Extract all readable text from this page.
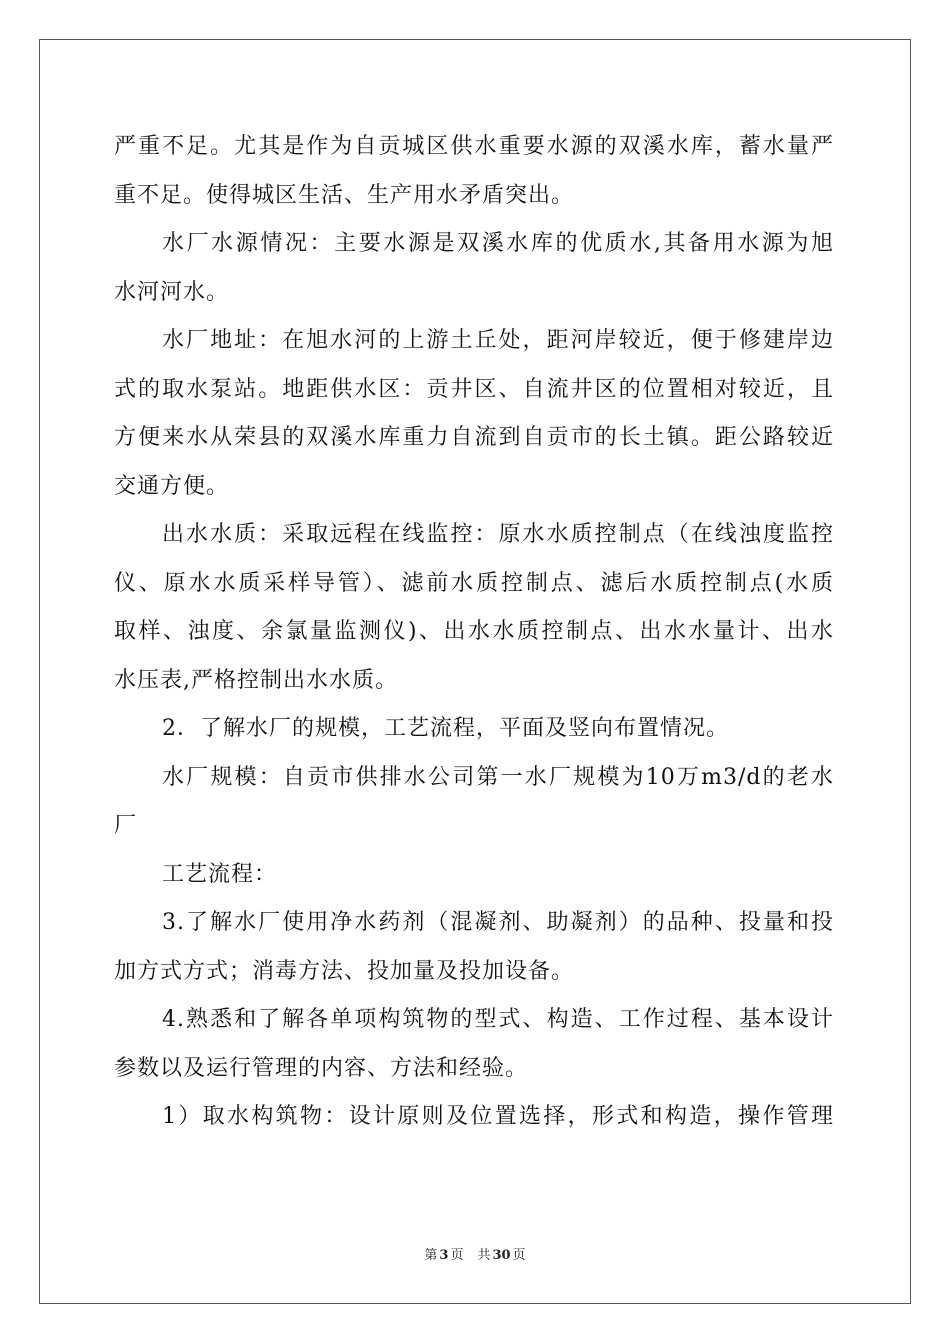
严重不足。尤其是作为自贡城区供水重要水源的双溪水库，蓄水量严
重不足。使得城区生活、生产用水矛盾突出。
水厂水源情况：主要水源是双溪水库的优质水,其备用水源为旭
水河河水。
水厂地址：在旭水河的上游土丘处，距河岸较近，便于修建岸边
式的取水泵站。地距供水区：贡井区、自流井区的位置相对较近，且
方便来水从荣县的双溪水库重力自流到自贡市的长土镇。距公路较近
交通方便。
出水水质：采取远程在线监控：原水水质控制点（在线浊度监控
仪、原水水质采样导管）、滤前水质控制点、滤后水质控制点(水质
取样、浊度、余氯量监测仪)、出水水质控制点、出水水量计、出水
水压表,严格控制出水水质。
2．了解水厂的规模，工艺流程，平面及竖向布置情况。
水厂规模：自贡市供排水公司第一水厂规模为10万m3/d的老水
厂
工艺流程：
3.了解水厂使用净水药剂（混凝剂、助凝剂）的品种、投量和投
加方式方式；消毒方法、投加量及投加设备。
4.熟悉和了解各单项构筑物的型式、构造、工作过程、基本设计
参数以及运行管理的内容、方法和经验。
1）取水构筑物：设计原则及位置选择，形式和构造，操作管理
第 3 页 共 30 页
